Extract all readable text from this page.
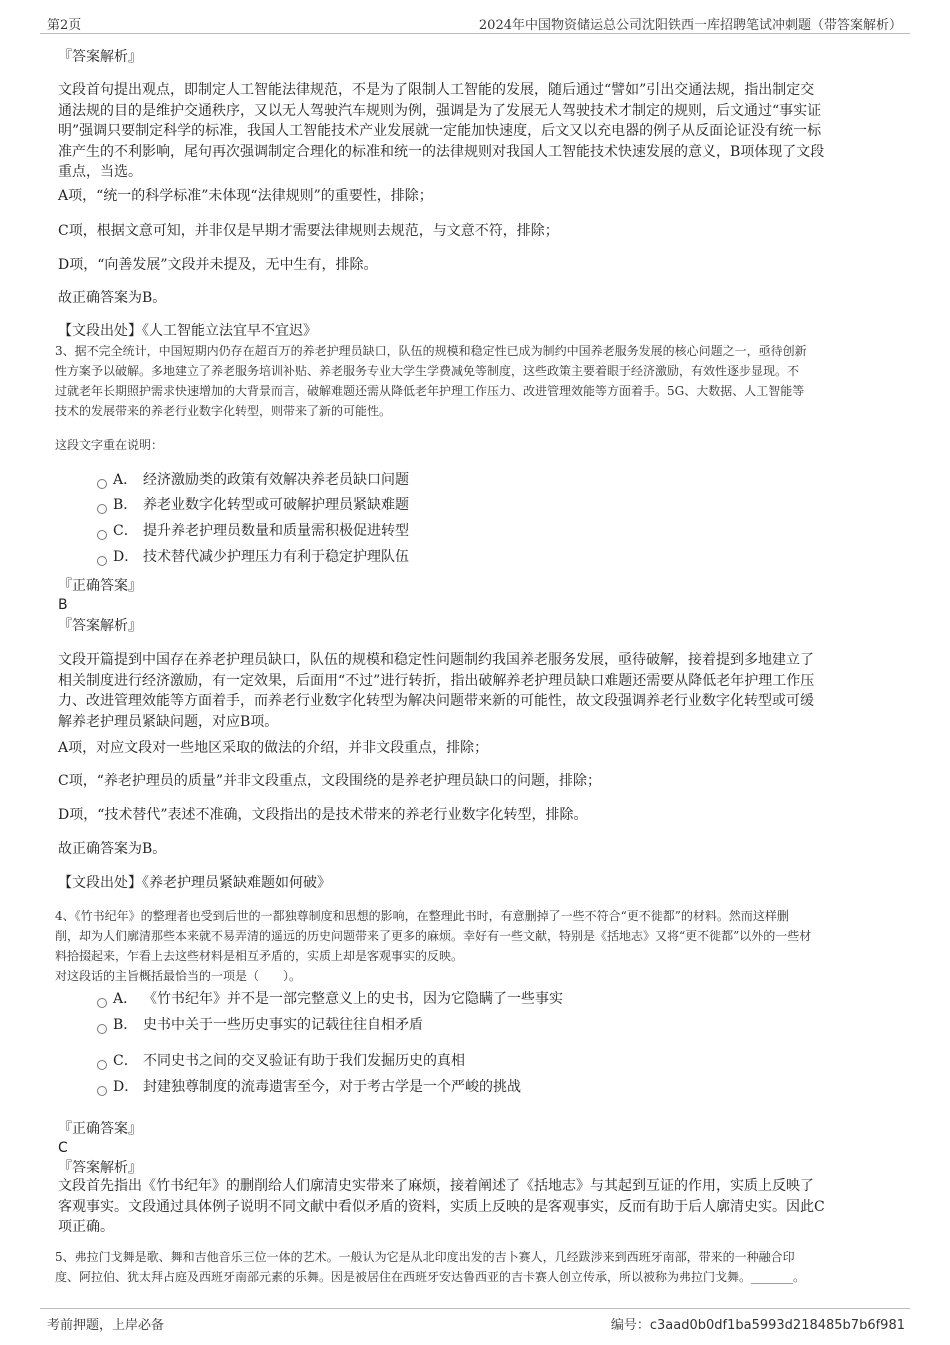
第2页	2024年中国物资储运总公司沈阳铁西一库招聘笔试冲刺题（带答案解析）
『答案解析』
文段首句提出观点，即制定人工智能法律规范，不是为了限制人工智能的发展，随后通过“譬如”引出交通法规，指出制定交
通法规的目的是维护交通秩序，又以无人驾驶汽车规则为例，强调是为了发展无人驾驶技术才制定的规则，后文通过“事实证
明”强调只要制定科学的标准，我国人工智能技术产业发展就一定能加快速度，后文又以充电器的例子从反面论证没有统一标
准产生的不利影响，尾句再次强调制定合理化的标准和统一的法律规则对我国人工智能技术快速发展的意义，B项体现了文段
重点，当选。
A项，“统一的科学标准”未体现“法律规则”的重要性，排除；
C项，根据文意可知，并非仅是早期才需要法律规则去规范，与文意不符，排除；
D项，“向善发展”文段并未提及，无中生有，排除。
故正确答案为B。
【文段出处】《人工智能立法宜早不宜迟》
3、据不完全统计，中国短期内仍存在超百万的养老护理员缺口，队伍的规模和稳定性已成为制约中国养老服务发展的核心问题之一，亟待创新
性方案予以破解。多地建立了养老服务培训补贴、养老服务专业大学生学费减免等制度，这些政策主要着眼于经济激励，有效性逐步显现。不
过就老年长期照护需求快速增加的大背景而言，破解难题还需从降低老年护理工作压力、改进管理效能等方面着手。5G、大数据、人工智能等
技术的发展带来的养老行业数字化转型，则带来了新的可能性。
这段文字重在说明：
A． 经济激励类的政策有效解决养老员缺口问题
B． 养老业数字化转型或可破解护理员紧缺难题
C． 提升养老护理员数量和质量需积极促进转型
D． 技术替代减少护理压力有利于稳定护理队伍
『正确答案』
B
『答案解析』
文段开篇提到中国存在养老护理员缺口，队伍的规模和稳定性问题制约我国养老服务发展，亟待破解，接着提到多地建立了
相关制度进行经济激励，有一定效果，后面用“不过”进行转折，指出破解养老护理员缺口难题还需要从降低老年护理工作压
力、改进管理效能等方面着手，而养老行业数字化转型为解决问题带来新的可能性，故文段强调养老行业数字化转型或可缓
解养老护理员紧缺问题，对应B项。
A项，对应文段对一些地区采取的做法的介绍，并非文段重点，排除；
C项，“养老护理员的质量”并非文段重点，文段围绕的是养老护理员缺口的问题，排除；
D项，“技术替代”表述不准确，文段指出的是技术带来的养老行业数字化转型，排除。
故正确答案为B。
【文段出处】《养老护理员紧缺难题如何破》
4、《竹书纪年》的整理者也受到后世的一都独尊制度和思想的影响，在整理此书时，有意删掉了一些不符合“更不徙都”的材料。然而这样删
削，却为人们廓清那些本来就不易弄清的遥远的历史问题带来了更多的麻烦。幸好有一些文献，特别是《括地志》又将“更不徙都”以外的一些材
料拾掇起来，乍看上去这些材料是相互矛盾的，实质上却是客观事实的反映。
对这段话的主旨概括最恰当的一项是（　　）。
A． 《竹书纪年》并不是一部完整意义上的史书，因为它隐瞒了一些事实
B． 史书中关于一些历史事实的记载往往自相矛盾
C． 不同史书之间的交叉验证有助于我们发掘历史的真相
D． 封建独尊制度的流毒遗害至今，对于考古学是一个严峻的挑战
『正确答案』
C
『答案解析』
文段首先指出《竹书纪年》的删削给人们廓清史实带来了麻烦，接着阐述了《括地志》与其起到互证的作用，实质上反映了
客观事实。文段通过具体例子说明不同文献中看似矛盾的资料，实质上反映的是客观事实，反而有助于后人廓清史实。因此C
项正确。
5、弗拉门戈舞是歌、舞和吉他音乐三位一体的艺术。一般认为它是从北印度出发的吉卜赛人，几经跋涉来到西班牙南部，带来的一种融合印
度、阿拉伯、犹太拜占庭及西班牙南部元素的乐舞。因是被居住在西班牙安达鲁西亚的吉卡赛人创立传承，所以被称为弗拉门戈舞。_______。
考前押题，上岸必备	编号：c3aad0b0df1ba5993d218485b7b6f981
